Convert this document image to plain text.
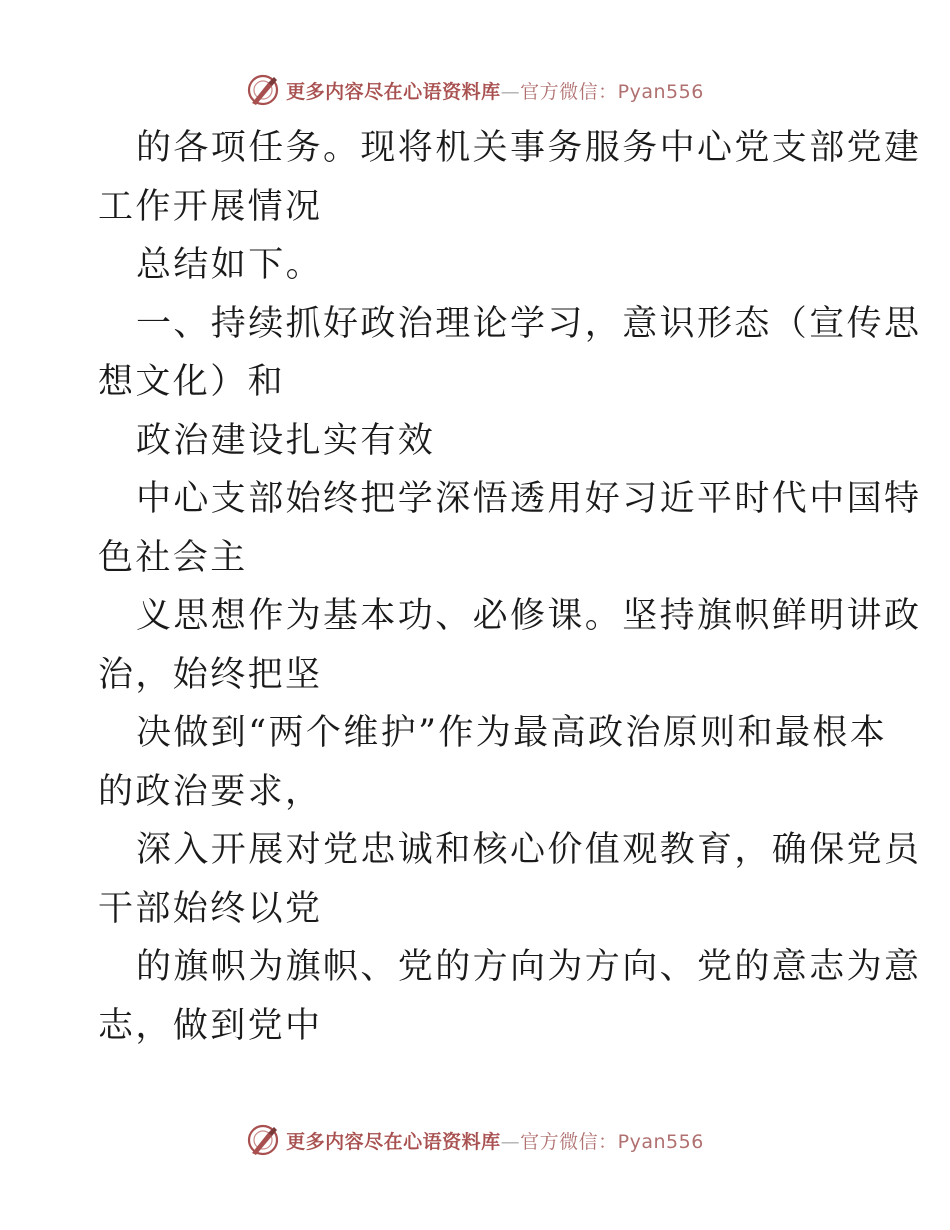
更多内容尽在心语资料库—官方微信：Pyan556
的各项任务。现将机关事务服务中心党支部党建
工作开展情况
总结如下。
一、持续抓好政治理论学习，意识形态（宣传思
想文化）和
政治建设扎实有效
中心支部始终把学深悟透用好习近平时代中国特
色社会主
义思想作为基本功、必修课。坚持旗帜鲜明讲政
治，始终把坚
决做到“两个维护”作为最高政治原则和最根本
的政治要求，
深入开展对党忠诚和核心价值观教育，确保党员
干部始终以党
的旗帜为旗帜、党的方向为方向、党的意志为意
志，做到党中
更多内容尽在心语资料库—官方微信：Pyan556
